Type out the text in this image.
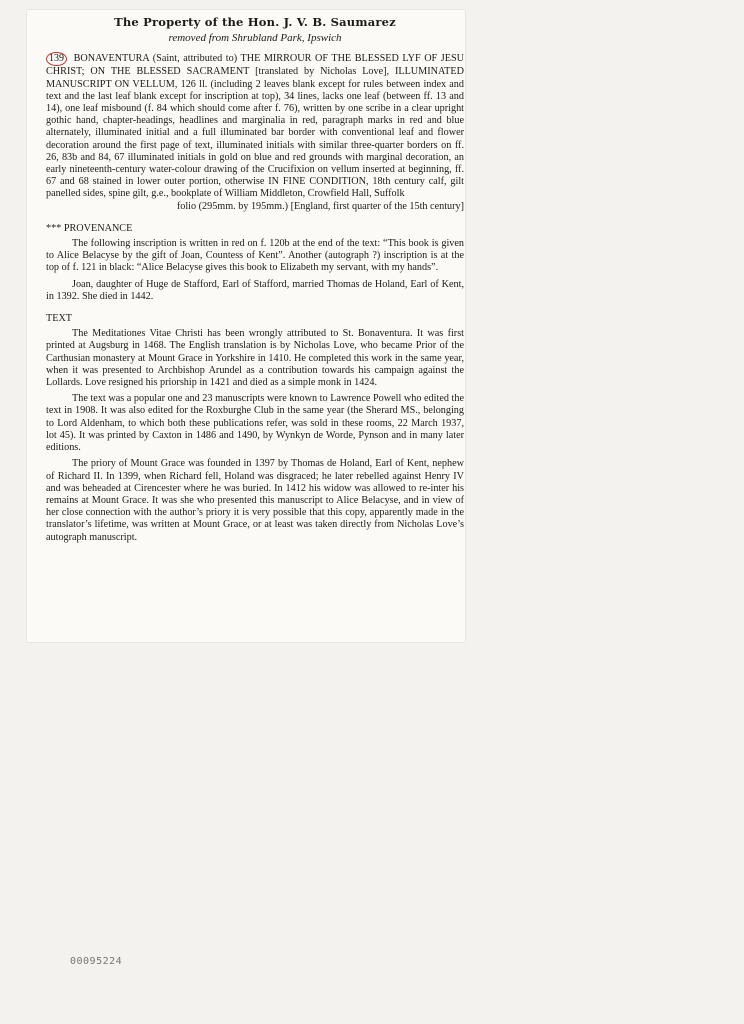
The Property of the Hon. J. V. B. Saumarez
removed from Shrubland Park, Ipswich

139 BONAVENTURA (Saint, attributed to) THE MIRROUR OF THE BLESSED LYF OF JESU CHRIST; ON THE BLESSED SACRAMENT [translated by Nicholas Love], ILLUMINATED MANUSCRIPT ON VELLUM, 126 ll. (including 2 leaves blank except for rules between index and text and the last leaf blank except for inscription at top), 34 lines, lacks one leaf (between ff. 13 and 14), one leaf misbound (f. 84 which should come after f. 76), written by one scribe in a clear upright gothic hand, chapter-headings, headlines and marginalia in red, paragraph marks in red and blue alternately, illuminated initial and a full illuminated bar border with conventional leaf and flower decoration around the first page of text, illuminated initials with similar three-quarter borders on ff. 26, 83b and 84, 67 illuminated initials in gold on blue and red grounds with marginal decoration, an early nineteenth-century water-colour drawing of the Crucifixion on vellum inserted at beginning, ff. 67 and 68 stained in lower outer portion, otherwise IN FINE CONDITION, 18th century calf, gilt panelled sides, spine gilt, g.e., bookplate of William Middleton, Crowfield Hall, Suffolk

folio (295mm. by 195mm.) [England, first quarter of the 15th century]

*** PROVENANCE

The following inscription is written in red on f. 120b at the end of the text: “This book is given to Alice Belacyse by the gift of Joan, Countess of Kent”. Another (autograph ?) inscription is at the top of f. 121 in black: “Alice Belacyse gives this book to Elizabeth my servant, with my hands”.

Joan, daughter of Huge de Stafford, Earl of Stafford, married Thomas de Holand, Earl of Kent, in 1392. She died in 1442.

TEXT

The Meditationes Vitae Christi has been wrongly attributed to St. Bonaventura. It was first printed at Augsburg in 1468. The English translation is by Nicholas Love, who became Prior of the Carthusian monastery at Mount Grace in Yorkshire in 1410. He completed this work in the same year, when it was presented to Archbishop Arundel as a contribution towards his campaign against the Lollards. Love resigned his priorship in 1421 and died as a simple monk in 1424.

The text was a popular one and 23 manuscripts were known to Lawrence Powell who edited the text in 1908. It was also edited for the Roxburghe Club in the same year (the Sherard MS., belonging to Lord Aldenham, to which both these publications refer, was sold in these rooms, 22 March 1937, lot 45). It was printed by Caxton in 1486 and 1490, by Wynkyn de Worde, Pynson and in many later editions.

The priory of Mount Grace was founded in 1397 by Thomas de Holand, Earl of Kent, nephew of Richard II. In 1399, when Richard fell, Holand was disgraced; he later rebelled against Henry IV and was beheaded at Cirencester where he was buried. In 1412 his widow was allowed to re-inter his remains at Mount Grace. It was she who presented this manuscript to Alice Belacyse, and in view of her close connection with the author’s priory it is very possible that this copy, apparently made in the translator’s lifetime, was written at Mount Grace, or at least was taken directly from Nicholas Love’s autograph manuscript.

00095224
